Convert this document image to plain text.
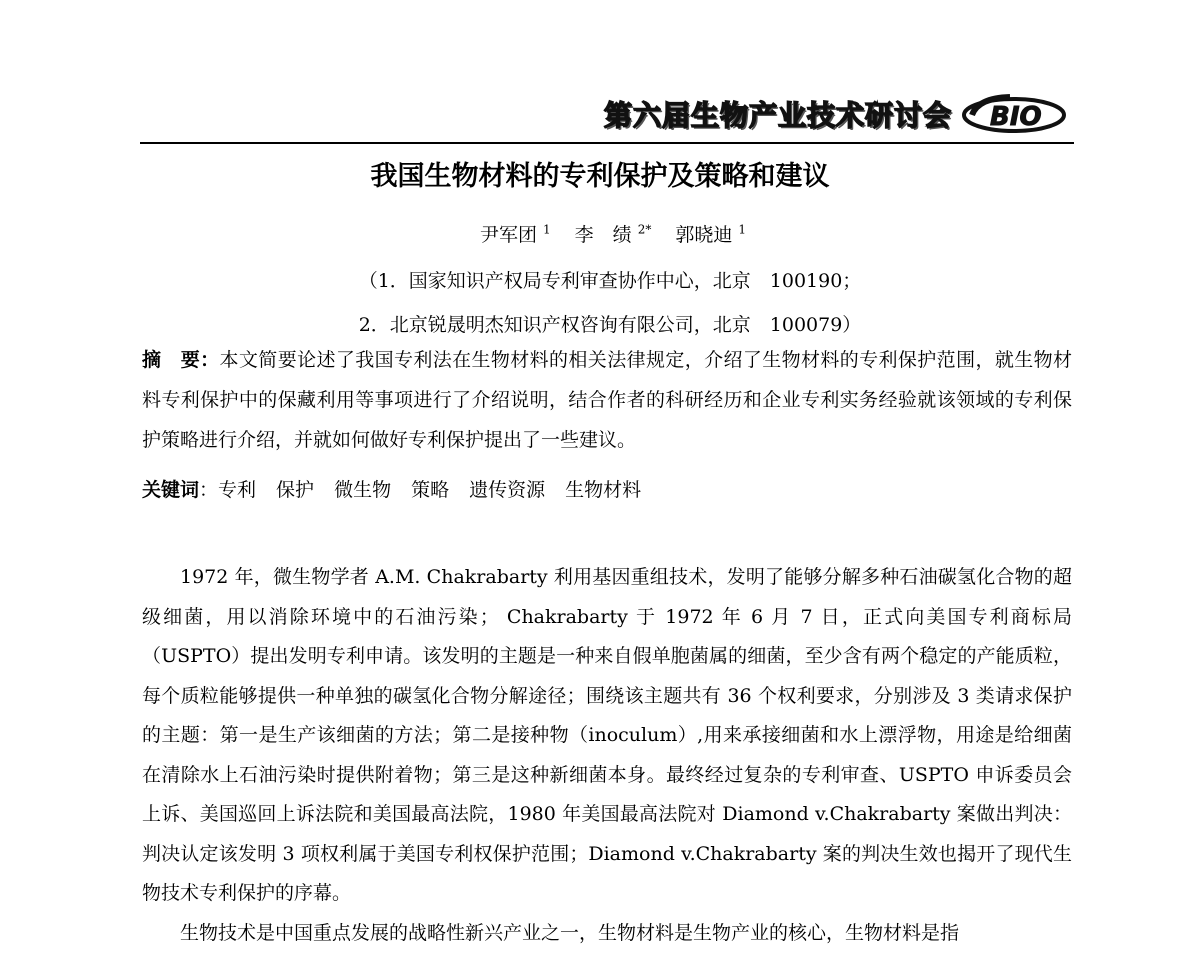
第六届生物产业技术研讨会 BIO
我国生物材料的专利保护及策略和建议
尹军团 $^1$ 李　绩 $^{2*}$ 郭晓迪 $^1$
（1．国家知识产权局专利审查协作中心，北京　100190；
2．北京锐晟明杰知识产权咨询有限公司，北京　100079）
摘　要：本文简要论述了我国专利法在生物材料的相关法律规定，介绍了生物材料的专利保护范围，就生物材料专利保护中的保藏利用等事项进行了介绍说明，结合作者的科研经历和企业专利实务经验就该领域的专利保护策略进行介绍，并就如何做好专利保护提出了一些建议。
关键词：专利 保护 微生物 策略 遗传资源 生物材料

1972 年，微生物学者 A.M. Chakrabarty 利用基因重组技术，发明了能够分解多种石油碳氢化合物的超级细菌，用以消除环境中的石油污染； Chakrabarty 于 1972 年 6 月 7 日，正式向美国专利商标局（USPTO）提出发明专利申请。该发明的主题是一种来自假单胞菌属的细菌，至少含有两个稳定的产能质粒，每个质粒能够提供一种单独的碳氢化合物分解途径；围绕该主题共有 36 个权利要求，分别涉及 3 类请求保护的主题：第一是生产该细菌的方法；第二是接种物（inoculum）,用来承接细菌和水上漂浮物，用途是给细菌在清除水上石油污染时提供附着物；第三是这种新细菌本身。最终经过复杂的专利审查、USPTO 申诉委员会上诉、美国巡回上诉法院和美国最高法院，1980 年美国最高法院对 Diamond v.Chakrabarty 案做出判决：判决认定该发明 3 项权利属于美国专利权保护范围；Diamond v.Chakrabarty 案的判决生效也揭开了现代生物技术专利保护的序幕。

生物技术是中国重点发展的战略性新兴产业之一，生物材料是生物产业的核心，生物材料是指
